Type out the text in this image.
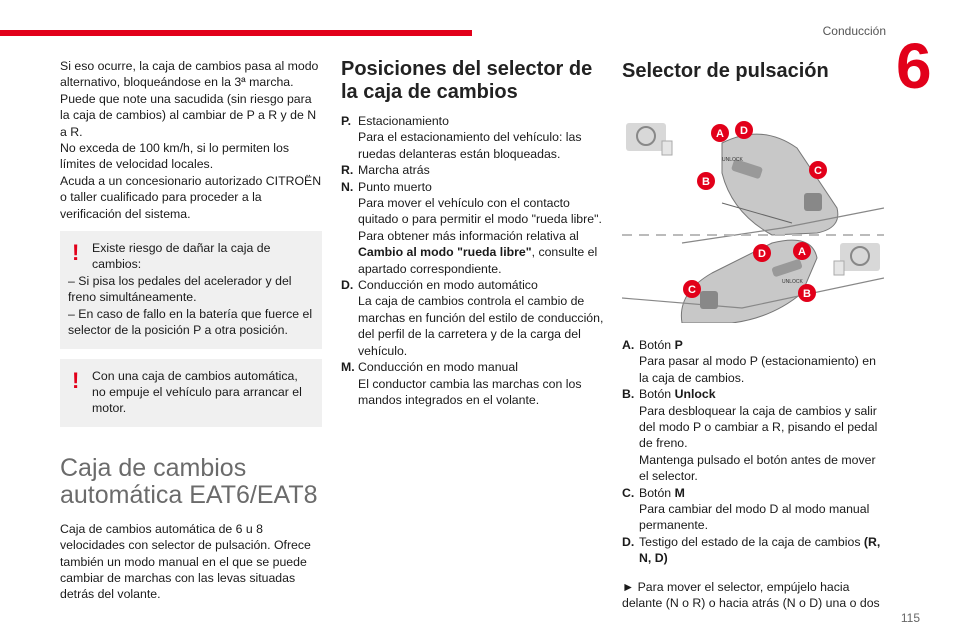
Conducción 6
115

Si eso ocurre, la caja de cambios pasa al modo alternativo, bloqueándose en la 3ª marcha.

Puede que note una sacudida (sin riesgo para la caja de cambios) al cambiar de P a R y de N a R.

No exceda de 100 km/h, si lo permiten los límites de velocidad locales.

Acuda a un concesionario autorizado CITROËN o taller cualificado para proceder a la verificación del sistema.

!	Existe riesgo de dañar la caja de cambios:

– Si pisa los pedales del acelerador y del freno simultáneamente.

– En caso de fallo en la batería que fuerce el selector de la posición P a otra posición.

!	Con una caja de cambios automática, no empuje el vehículo para arrancar el motor.

Caja de cambios automática EAT6/EAT8

Caja de cambios automática de 6 u 8 velocidades con selector de pulsación. Ofrece también un modo manual en el que se puede cambiar de marchas con las levas situadas detrás del volante.

Posiciones del selector de la caja de cambios
P. Estacionamiento

Para el estacionamiento del vehículo: las ruedas delanteras están bloqueadas.

R. Marcha atrás

N. Punto muerto

Para mover el vehículo con el contacto quitado o para permitir el modo "rueda libre". Para obtener más información relativa al Cambio al modo "rueda libre", consulte el apartado correspondiente.

D. Conducción en modo automático

La caja de cambios controla el cambio de marchas en función del estilo de conducción, del perfil de la carretera y de la carga del vehículo.

M. Conducción en modo manual

El conductor cambia las marchas con los mandos integrados en el volante.

Selector de pulsación
A D
C
B
UNLOCK
D	A
C	B
UNLOCK
A. Botón P

Para pasar al modo P (estacionamiento) en la caja de cambios.

B. Botón Unlock

Para desbloquear la caja de cambios y salir del modo P o cambiar a R, pisando el pedal de freno.

Mantenga pulsado el botón antes de mover el selector.

C. Botón M

Para cambiar del modo D al modo manual permanente.

D. Testigo del estado de la caja de cambios (R, N, D)

► Para mover el selector, empújelo hacia delante (N o R) o hacia atrás (N o D) una o dos
